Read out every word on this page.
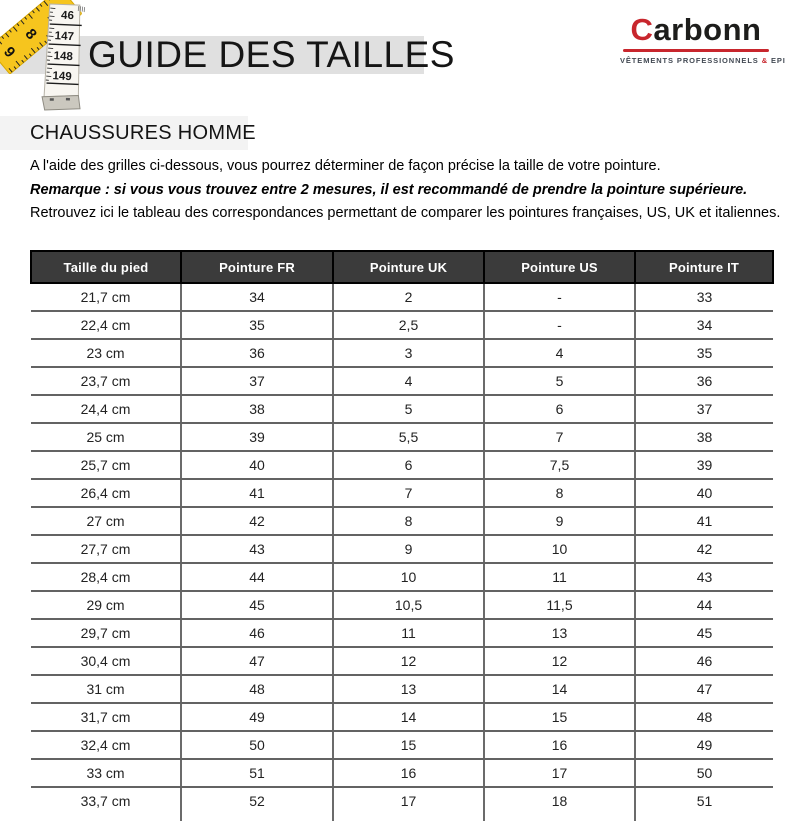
GUIDE DES TAILLES
9
8
46
147
148
149
Carbonn
VÊTEMENTS PROFESSIONNELS & EPI
CHAUSSURES HOMME

A l'aide des grilles ci-dessous, vous pourrez déterminer de façon précise la taille de votre pointure.

Remarque : si vous vous trouvez entre 2 mesures, il est recommandé de prendre la pointure supérieure.

Retrouvez ici le tableau des correspondances permettant de comparer les pointures françaises, US, UK et italiennes.

Taille du pied	Pointure FR	Pointure UK	Pointure US	Pointure IT
21,7 cm	34	2	-	33
22,4 cm	35	2,5	-	34
23 cm	36	3	4	35
23,7 cm	37	4	5	36
24,4 cm	38	5	6	37
25 cm	39	5,5	7	38
25,7 cm	40	6	7,5	39
26,4 cm	41	7	8	40
27 cm	42	8	9	41
27,7 cm	43	9	10	42
28,4 cm	44	10	11	43
29 cm	45	10,5	11,5	44
29,7 cm	46	11	13	45
30,4 cm	47	12	12	46
31 cm	48	13	14	47
31,7 cm	49	14	15	48
32,4 cm	50	15	16	49
33 cm	51	16	17	50
33,7 cm	52	17	18	51
